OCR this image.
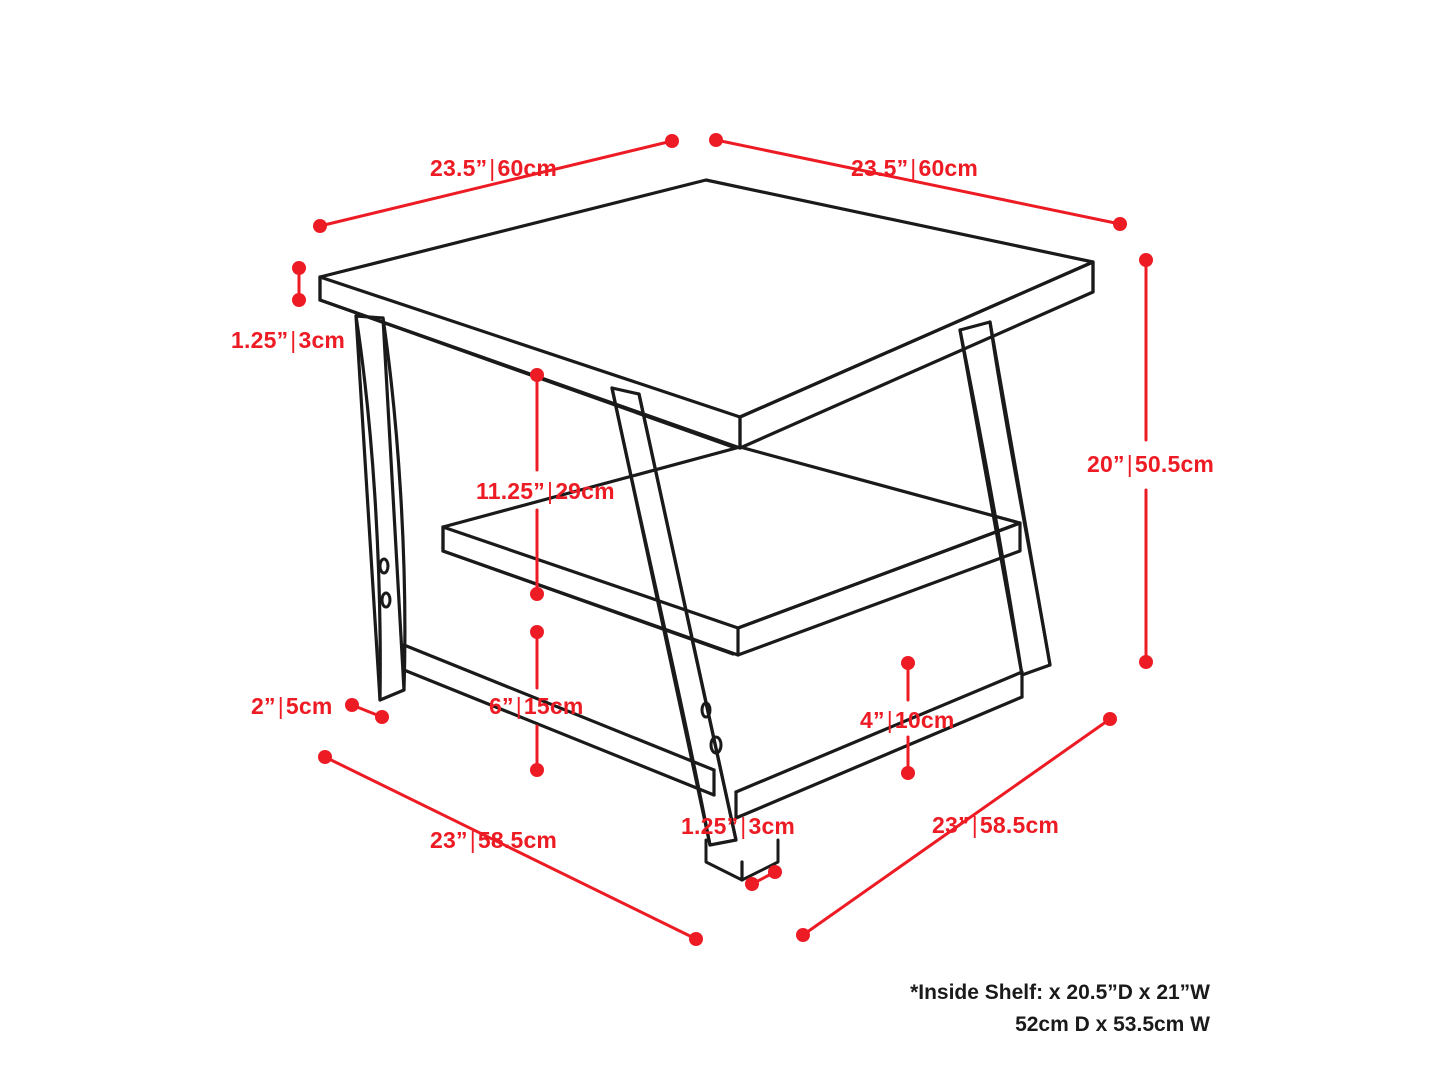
23.5”|60cm	23.5”|60cm
1.25”|3cm
20”|50.5cm
11.25”|29cm
2”|5cm	6”|15cm
4”|10cm
23”|58.5cm
23”|58.5cm
1.25”|3cm
*Inside Shelf: x 20.5”D x 21”W
52cm D x 53.5cm W
